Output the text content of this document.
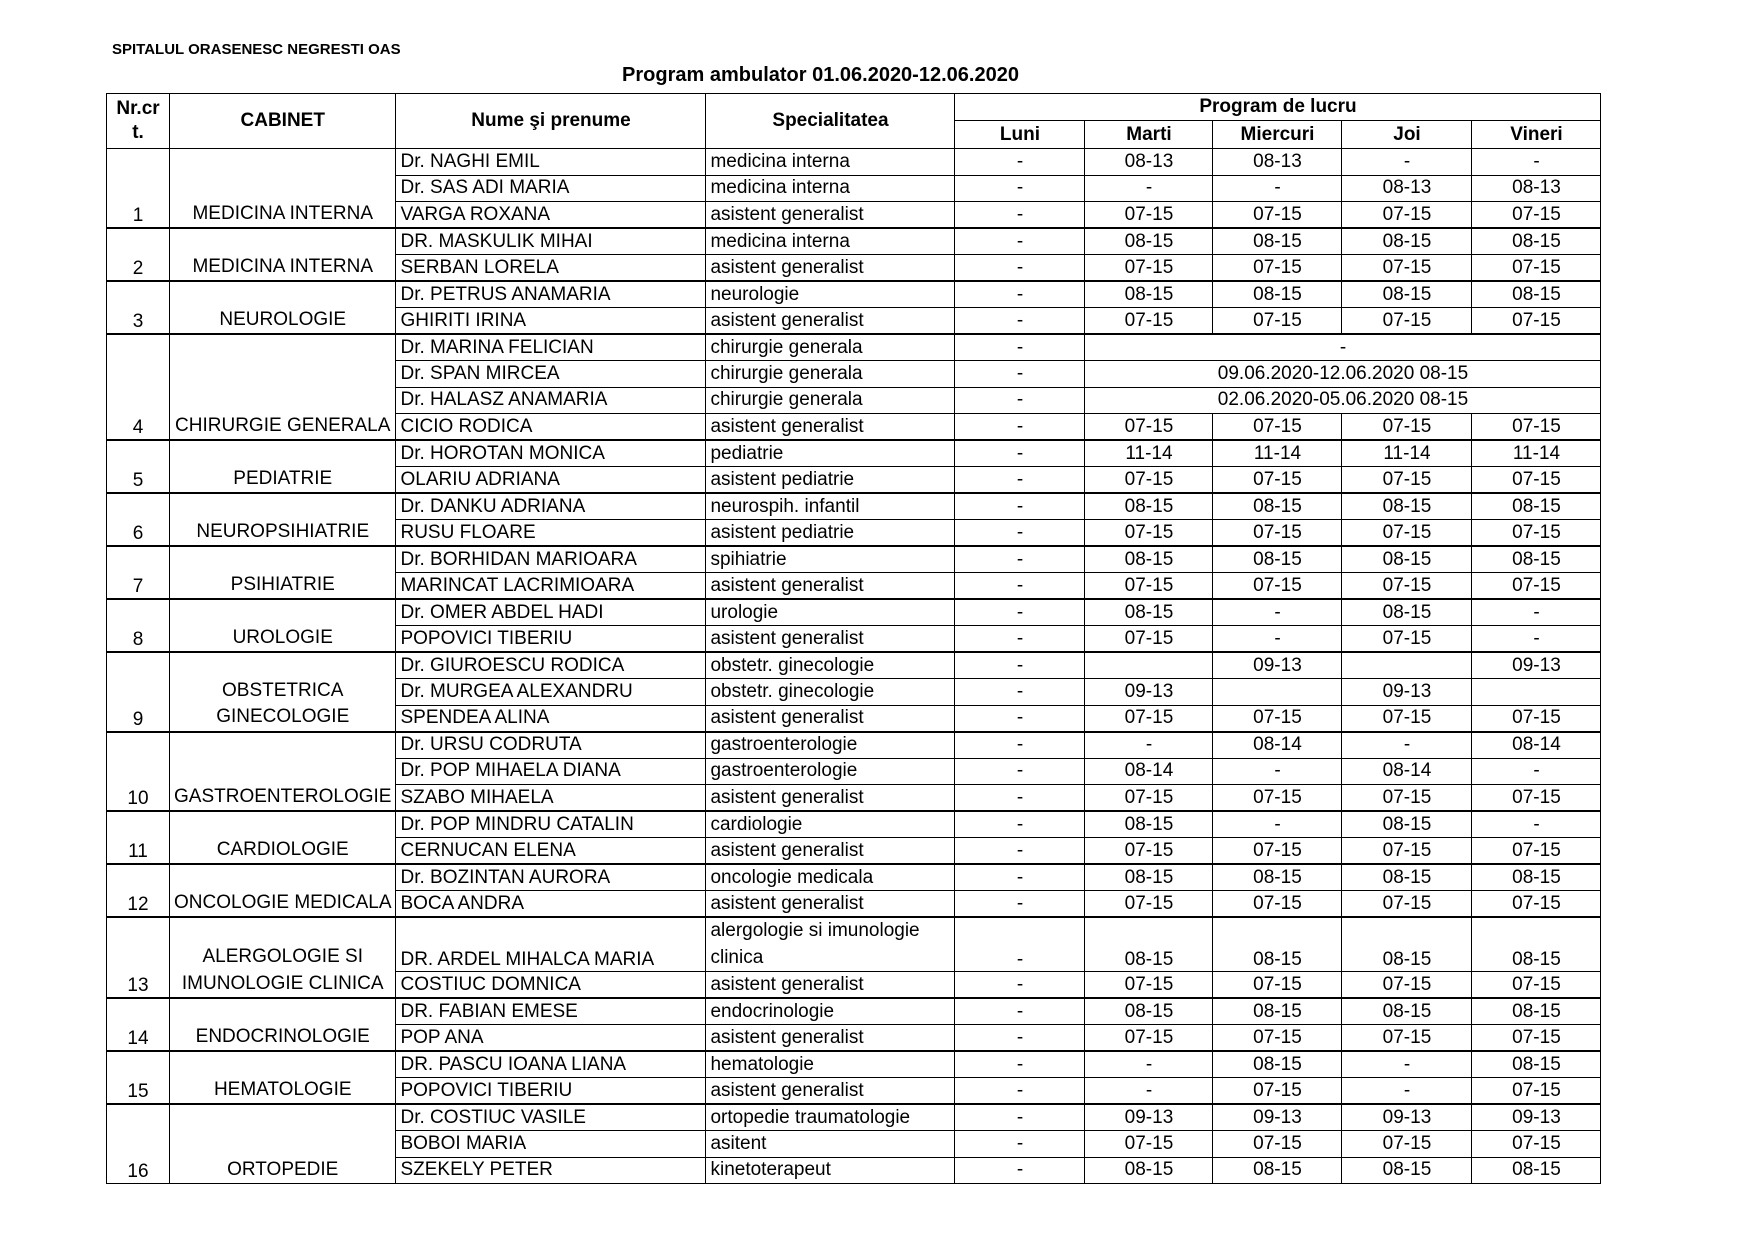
SPITALUL ORASENESC NEGRESTI OAS
Program ambulator 01.06.2020-12.06.2020
Nr.cr
t.	CABINET	Nume şi prenume	Specialitatea	Program de lucru				
				Luni	Marti	Miercuri	Joi	Vineri
1	MEDICINA INTERNA	Dr. NAGHI EMIL	medicina interna	-	08-13	08-13	-	-
		Dr. SAS ADI MARIA	medicina interna	-	-	-	08-13	08-13
		VARGA ROXANA	asistent generalist	-	07-15	07-15	07-15	07-15
2	MEDICINA INTERNA	DR. MASKULIK MIHAI	medicina interna	-	08-15	08-15	08-15	08-15
		SERBAN LORELA	asistent generalist	-	07-15	07-15	07-15	07-15
3	NEUROLOGIE	Dr. PETRUS ANAMARIA	neurologie	-	08-15	08-15	08-15	08-15
		GHIRITI IRINA	asistent generalist	-	07-15	07-15	07-15	07-15
4	CHIRURGIE GENERALA	Dr. MARINA FELICIAN	chirurgie generala	-	-			
		Dr. SPAN MIRCEA	chirurgie generala	-	09.06.2020-12.06.2020 08-15			
		Dr. HALASZ ANAMARIA	chirurgie generala	-	02.06.2020-05.06.2020 08-15			
		CICIO RODICA	asistent generalist	-	07-15	07-15	07-15	07-15
5	PEDIATRIE	Dr. HOROTAN MONICA	pediatrie	-	11-14	11-14	11-14	11-14
		OLARIU ADRIANA	asistent pediatrie	-	07-15	07-15	07-15	07-15
6	NEUROPSIHIATRIE	Dr. DANKU ADRIANA	neurospih. infantil	-	08-15	08-15	08-15	08-15
		RUSU FLOARE	asistent pediatrie	-	07-15	07-15	07-15	07-15
7	PSIHIATRIE	Dr. BORHIDAN MARIOARA	spihiatrie	-	08-15	08-15	08-15	08-15
		MARINCAT LACRIMIOARA	asistent generalist	-	07-15	07-15	07-15	07-15
8	UROLOGIE	Dr. OMER ABDEL HADI	urologie	-	08-15	-	08-15	-
		POPOVICI TIBERIU	asistent generalist	-	07-15	-	07-15	-
9	OBSTETRICA GINECOLOGIE	Dr. GIUROESCU RODICA	obstetr. ginecologie	-		09-13		09-13
		Dr. MURGEA ALEXANDRU	obstetr. ginecologie	-	09-13		09-13	
		SPENDEA ALINA	asistent generalist	-	07-15	07-15	07-15	07-15
10	GASTROENTEROLOGIE	Dr. URSU CODRUTA	gastroenterologie	-	-	08-14	-	08-14
		Dr. POP MIHAELA DIANA	gastroenterologie	-	08-14	-	08-14	-
		SZABO MIHAELA	asistent generalist	-	07-15	07-15	07-15	07-15
11	CARDIOLOGIE	Dr. POP MINDRU CATALIN	cardiologie	-	08-15	-	08-15	-
		CERNUCAN ELENA	asistent generalist	-	07-15	07-15	07-15	07-15
12	ONCOLOGIE MEDICALA	Dr. BOZINTAN AURORA	oncologie medicala	-	08-15	08-15	08-15	08-15
		BOCA ANDRA	asistent generalist	-	07-15	07-15	07-15	07-15
13	ALERGOLOGIE SI IMUNOLOGIE CLINICA	DR. ARDEL MIHALCA MARIA	alergologie si imunologie clinica	-	08-15	08-15	08-15	08-15
		COSTIUC DOMNICA	asistent generalist	-	07-15	07-15	07-15	07-15
14	ENDOCRINOLOGIE	DR. FABIAN EMESE	endocrinologie	-	08-15	08-15	08-15	08-15
		POP ANA	asistent generalist	-	07-15	07-15	07-15	07-15
15	HEMATOLOGIE	DR. PASCU IOANA LIANA	hematologie	-	-	08-15	-	08-15
		POPOVICI TIBERIU	asistent generalist	-	-	07-15	-	07-15
16	ORTOPEDIE	Dr. COSTIUC VASILE	ortopedie traumatologie	-	09-13	09-13	09-13	09-13
		BOBOI MARIA	asitent	-	07-15	07-15	07-15	07-15
		SZEKELY PETER	kinetoterapeut	-	08-15	08-15	08-15	08-15
